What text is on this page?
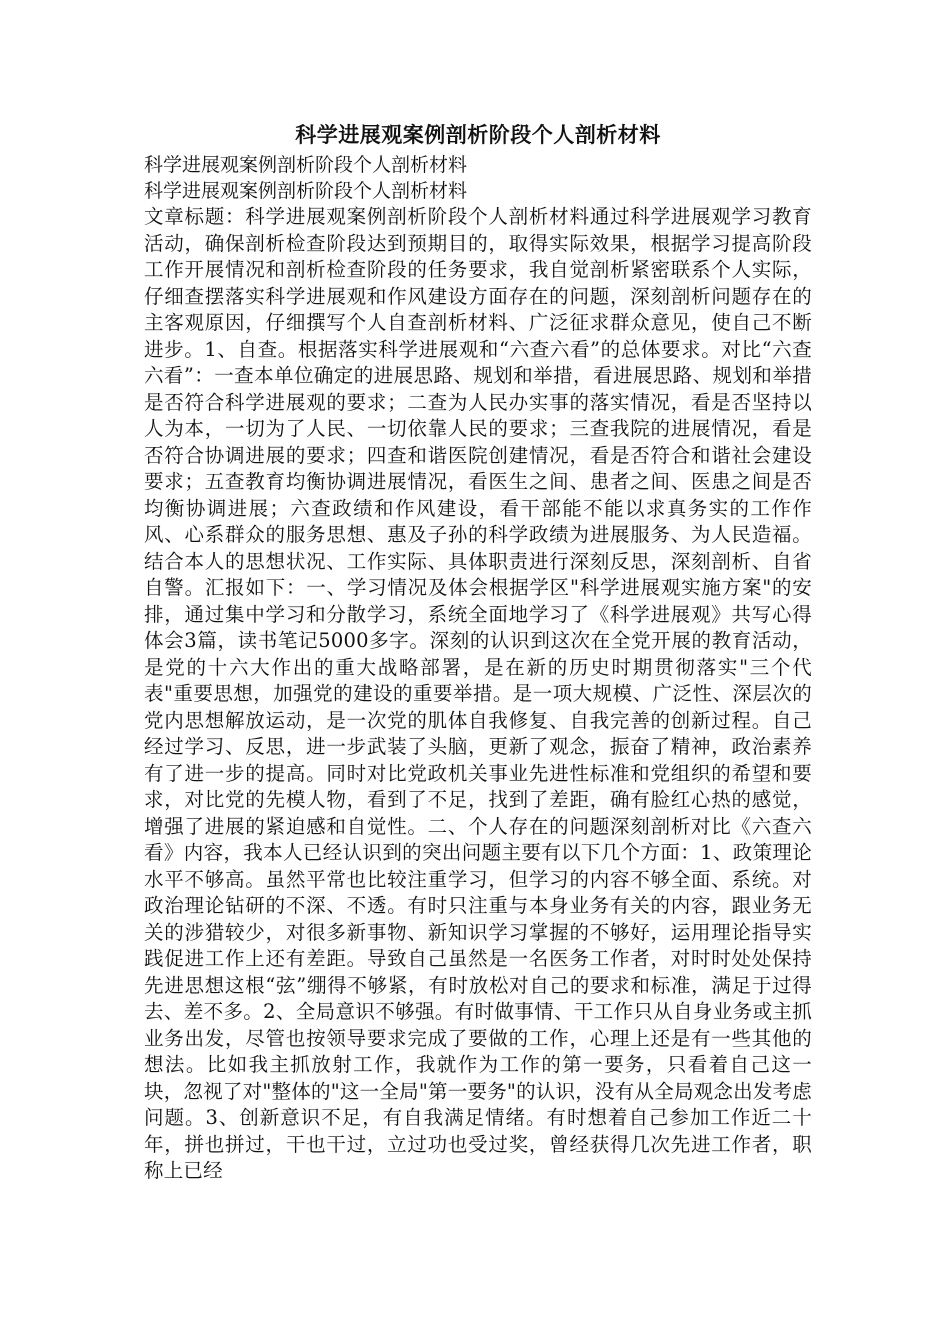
科学进展观案例剖析阶段个人剖析材料

科学进展观案例剖析阶段个人剖析材料

科学进展观案例剖析阶段个人剖析材料

文章标题：科学进展观案例剖析阶段个人剖析材料通过科学进展观学习教育活动，确保剖析检查阶段达到预期目的，取得实际效果，根据学习提高阶段工作开展情况和剖析检查阶段的任务要求，我自觉剖析紧密联系个人实际，仔细查摆落实科学进展观和作风建设方面存在的问题，深刻剖析问题存在的主客观原因，仔细撰写个人自查剖析材料、广泛征求群众意见，使自己不断进步。1、自查。根据落实科学进展观和“六查六看”的总体要求。对比“六查六看”：一查本单位确定的进展思路、规划和举措，看进展思路、规划和举措是否符合科学进展观的要求；二查为人民办实事的落实情况，看是否坚持以人为本，一切为了人民、一切依靠人民的要求；三查我院的进展情况，看是否符合协调进展的要求；四查和谐医院创建情况，看是否符合和谐社会建设要求；五查教育均衡协调进展情况，看医生之间、患者之间、医患之间是否均衡协调进展；六查政绩和作风建设，看干部能不能以求真务实的工作作风、心系群众的服务思想、惠及子孙的科学政绩为进展服务、为人民造福。结合本人的思想状况、工作实际、具体职责进行深刻反思，深刻剖析、自省自警。汇报如下：一、学习情况及体会根据学区"科学进展观实施方案"的安排，通过集中学习和分散学习，系统全面地学习了《科学进展观》共写心得体会3篇，读书笔记5000多字。深刻的认识到这次在全党开展的教育活动，是党的十六大作出的重大战略部署，是在新的历史时期贯彻落实"三个代表"重要思想，加强党的建设的重要举措。是一项大规模、广泛性、深层次的党内思想解放运动，是一次党的肌体自我修复、自我完善的创新过程。自己经过学习、反思，进一步武装了头脑，更新了观念，振奋了精神，政治素养有了进一步的提高。同时对比党政机关事业先进性标准和党组织的希望和要求，对比党的先模人物，看到了不足，找到了差距，确有脸红心热的感觉，增强了进展的紧迫感和自觉性。二、个人存在的问题深刻剖析对比《六查六看》内容，我本人已经认识到的突出问题主要有以下几个方面：1、政策理论水平不够高。虽然平常也比较注重学习，但学习的内容不够全面、系统。对政治理论钻研的不深、不透。有时只注重与本身业务有关的内容，跟业务无关的涉猎较少，对很多新事物、新知识学习掌握的不够好，运用理论指导实践促进工作上还有差距。导致自己虽然是一名医务工作者，对时时处处保持先进思想这根“弦”绷得不够紧，有时放松对自己的要求和标准，满足于过得去、差不多。2、全局意识不够强。有时做事情、干工作只从自身业务或主抓业务出发，尽管也按领导要求完成了要做的工作，心理上还是有一些其他的想法。比如我主抓放射工作，我就作为工作的第一要务，只看着自己这一块，忽视了对"整体的"这一全局"第一要务"的认识，没有从全局观念出发考虑问题。3、创新意识不足，有自我满足情绪。有时想着自己参加工作近二十年，拼也拼过，干也干过，立过功也受过奖，曾经获得几次先进工作者，职称上已经
